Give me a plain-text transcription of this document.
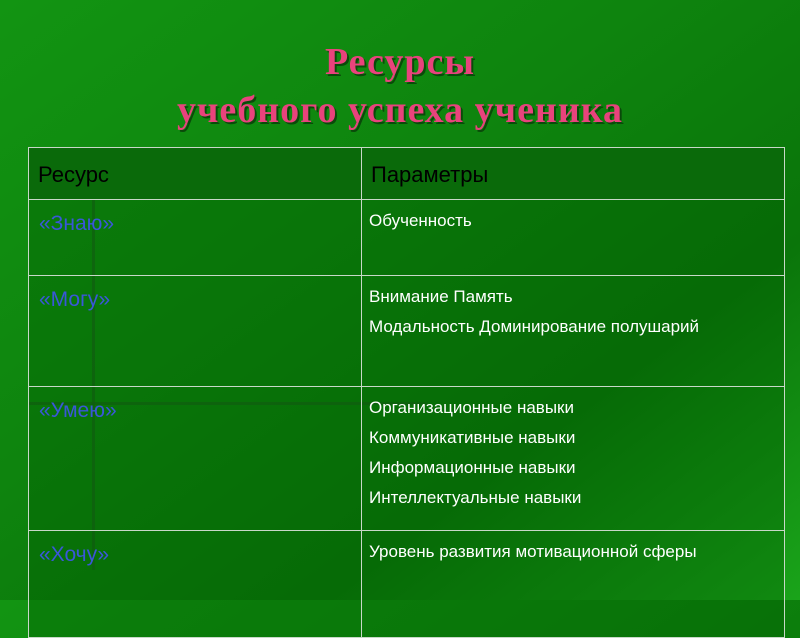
Ресурсы
учебного успеха ученика
Ресурс	Параметры
«Знаю»	Обученность

«Могу»	Внимание Память
Модальность Доминирование полушарий

«Умею»	Организационные навыки
Коммуникативные навыки
Информационные навыки
Интеллектуальные навыки

«Хочу»	Уровень развития мотивационной сферы
